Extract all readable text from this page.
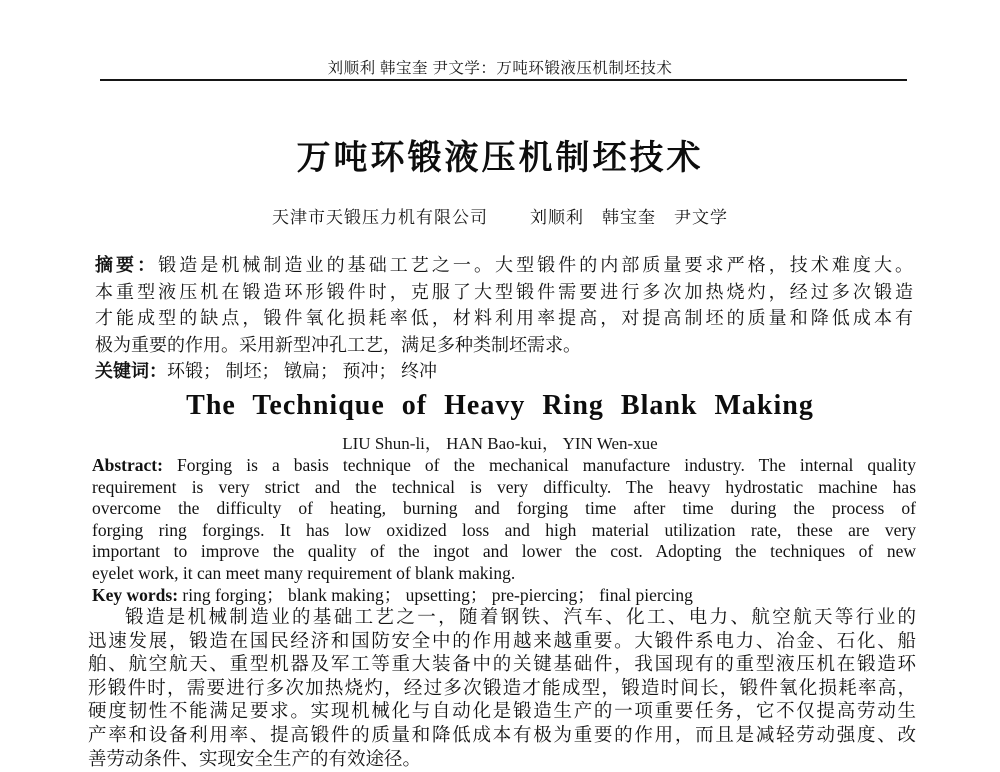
刘顺利 韩宝奎 尹文学：万吨环锻液压机制坯技术
万吨环锻液压机制坯技术
天津市天锻压力机有限公司 刘顺利　韩宝奎　尹文学
摘要：锻造是机械制造业的基础工艺之一。大型锻件的内部质量要求严格，技术难度大。
本重型液压机在锻造环形锻件时，克服了大型锻件需要进行多次加热烧灼，经过多次锻造
才能成型的缺点，锻件氧化损耗率低，材料利用率提高，对提高制坯的质量和降低成本有
极为重要的作用。采用新型冲孔工艺，满足多种类制坯需求。
关键词：环锻； 制坯； 镦扁； 预冲； 终冲
The Technique of Heavy Ring Blank Making
LIU Shun-li， HAN Bao-kui， YIN Wen-xue
Abstract: Forging is a basis technique of the mechanical manufacture industry. The internal quality
requirement is very strict and the technical is very difficulty. The heavy hydrostatic machine has
overcome the difficulty of heating, burning and forging time after time during the process of
forging ring forgings. It has low oxidized loss and high material utilization rate, these are very
important to improve the quality of the ingot and lower the cost. Adopting the techniques of new
eyelet work, it can meet many requirement of blank making.
Key words: ring forging； blank making； upsetting； pre-piercing； final piercing
锻造是机械制造业的基础工艺之一，随着钢铁、汽车、化工、电力、航空航天等行业的
迅速发展，锻造在国民经济和国防安全中的作用越来越重要。大锻件系电力、冶金、石化、船
舶、航空航天、重型机器及军工等重大装备中的关键基础件，我国现有的重型液压机在锻造环
形锻件时，需要进行多次加热烧灼，经过多次锻造才能成型，锻造时间长，锻件氧化损耗率高，
硬度韧性不能满足要求。实现机械化与自动化是锻造生产的一项重要任务，它不仅提高劳动生
产率和设备利用率、提高锻件的质量和降低成本有极为重要的作用，而且是减轻劳动强度、改
善劳动条件、实现安全生产的有效途径。
